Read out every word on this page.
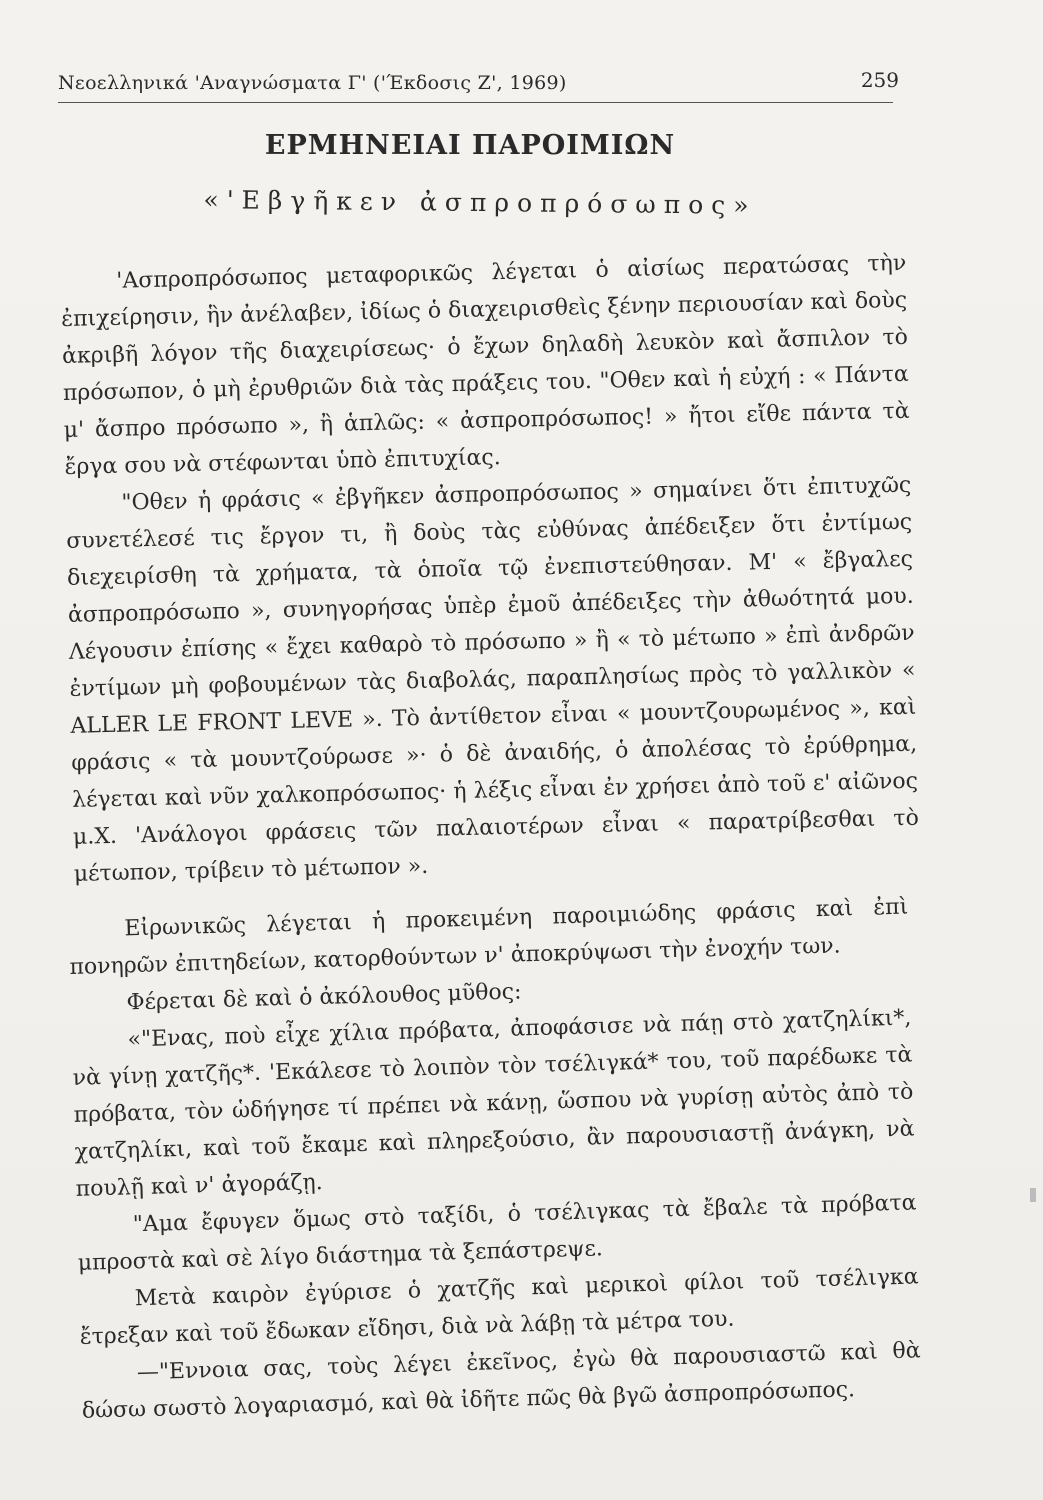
Νεοελληνικά 'Αναγνώσματα Γ' ('Έκδοσις Ζ', 1969)	259
ΕΡΜΗΝΕΙΑΙ ΠΑΡΟΙΜΙΩΝ
«'Εβγῆκεν ἀσπροπρόσωπος»

'Ασπροπρόσωπος μεταφορικῶς λέγεται ὁ αἰσίως περατώσας τὴν ἐπιχείρησιν, ἣν ἀνέλαβεν, ἰδίως ὁ διαχειρισθεὶς ξένην περιουσίαν καὶ δοὺς ἀκριβῆ λόγον τῆς διαχειρίσεως· ὁ ἔχων δηλαδὴ λευκὸν καὶ ἄσπιλον τὸ πρόσωπον, ὁ μὴ ἐρυθριῶν διὰ τὰς πράξεις του. "Οθεν καὶ ἡ εὐχή : « Πάντα μ' ἄσπρο πρόσωπο », ἢ ἁπλῶς: « ἀσπροπρόσωπος! » ἤτοι εἴθε πάντα τὰ ἔργα σου νὰ στέφωνται ὑπὸ ἐπιτυχίας.

"Οθεν ἡ φράσις « ἐβγῆκεν ἀσπροπρόσωπος » σημαίνει ὅτι ἐπιτυχῶς συνετέλεσέ τις ἔργον τι, ἢ δοὺς τὰς εὐθύνας ἀπέδειξεν ὅτι ἐντίμως διεχειρίσθη τὰ χρήματα, τὰ ὁποῖα τῷ ἐνεπιστεύθησαν. Μ' « ἔβγαλες ἀσπροπρόσωπο », συνηγορήσας ὑπὲρ ἐμοῦ ἀπέδειξες τὴν ἀθωότητά μου. Λέγουσιν ἐπίσης « ἔχει καθαρὸ τὸ πρόσωπο » ἢ « τὸ μέτωπο » ἐπὶ ἀνδρῶν ἐντίμων μὴ φοβουμένων τὰς διαβολάς, παραπλησίως πρὸς τὸ γαλλικὸν « ALLER LE FRONT LEVE ». Τὸ ἀντίθετον εἶναι « μουντζουρωμένος », καὶ φράσις « τὰ μουντζούρωσε »· ὁ δὲ ἀναιδής, ὁ ἀπολέσας τὸ ἐρύθρημα, λέγεται καὶ νῦν χαλκοπρόσωπος· ἡ λέξις εἶναι ἐν χρήσει ἀπὸ τοῦ ε' αἰῶνος μ.Χ. 'Ανάλογοι φράσεις τῶν παλαιοτέρων εἶναι « παρατρίβεσθαι τὸ μέτωπον, τρίβειν τὸ μέτωπον ».

Εἰρωνικῶς λέγεται ἡ προκειμένη παροιμιώδης φράσις καὶ ἐπὶ πονηρῶν ἐπιτηδείων, κατορθούντων ν' ἀποκρύψωσι τὴν ἐνοχήν των.

Φέρεται δὲ καὶ ὁ ἀκόλουθος μῦθος:

«"Ενας, ποὺ εἶχε χίλια πρόβατα, ἀποφάσισε νὰ πάῃ στὸ χατζηλίκι*, νὰ γίνῃ χατζῆς*. 'Εκάλεσε τὸ λοιπὸν τὸν τσέλιγκά* του, τοῦ παρέδωκε τὰ πρόβατα, τὸν ὡδήγησε τί πρέπει νὰ κάνῃ, ὥσπου νὰ γυρίσῃ αὐτὸς ἀπὸ τὸ χατζηλίκι, καὶ τοῦ ἔκαμε καὶ πληρεξούσιο, ἂν παρουσιαστῇ ἀνάγκη, νὰ πουλῇ καὶ ν' ἀγοράζῃ.

"Αμα ἔφυγεν ὅμως στὸ ταξίδι, ὁ τσέλιγκας τὰ ἔβαλε τὰ πρόβατα μπροστὰ καὶ σὲ λίγο διάστημα τὰ ξεπάστρεψε.

Μετὰ καιρὸν ἐγύρισε ὁ χατζῆς καὶ μερικοὶ φίλοι τοῦ τσέλιγκα ἔτρεξαν καὶ τοῦ ἔδωκαν εἴδησι, διὰ νὰ λάβῃ τὰ μέτρα του.

—"Εννοια σας, τοὺς λέγει ἐκεῖνος, ἐγὼ θὰ παρουσιαστῶ καὶ θὰ δώσω σωστὸ λογαριασμό, καὶ θὰ ἰδῆτε πῶς θὰ βγῶ ἀσπροπρόσωπος.
